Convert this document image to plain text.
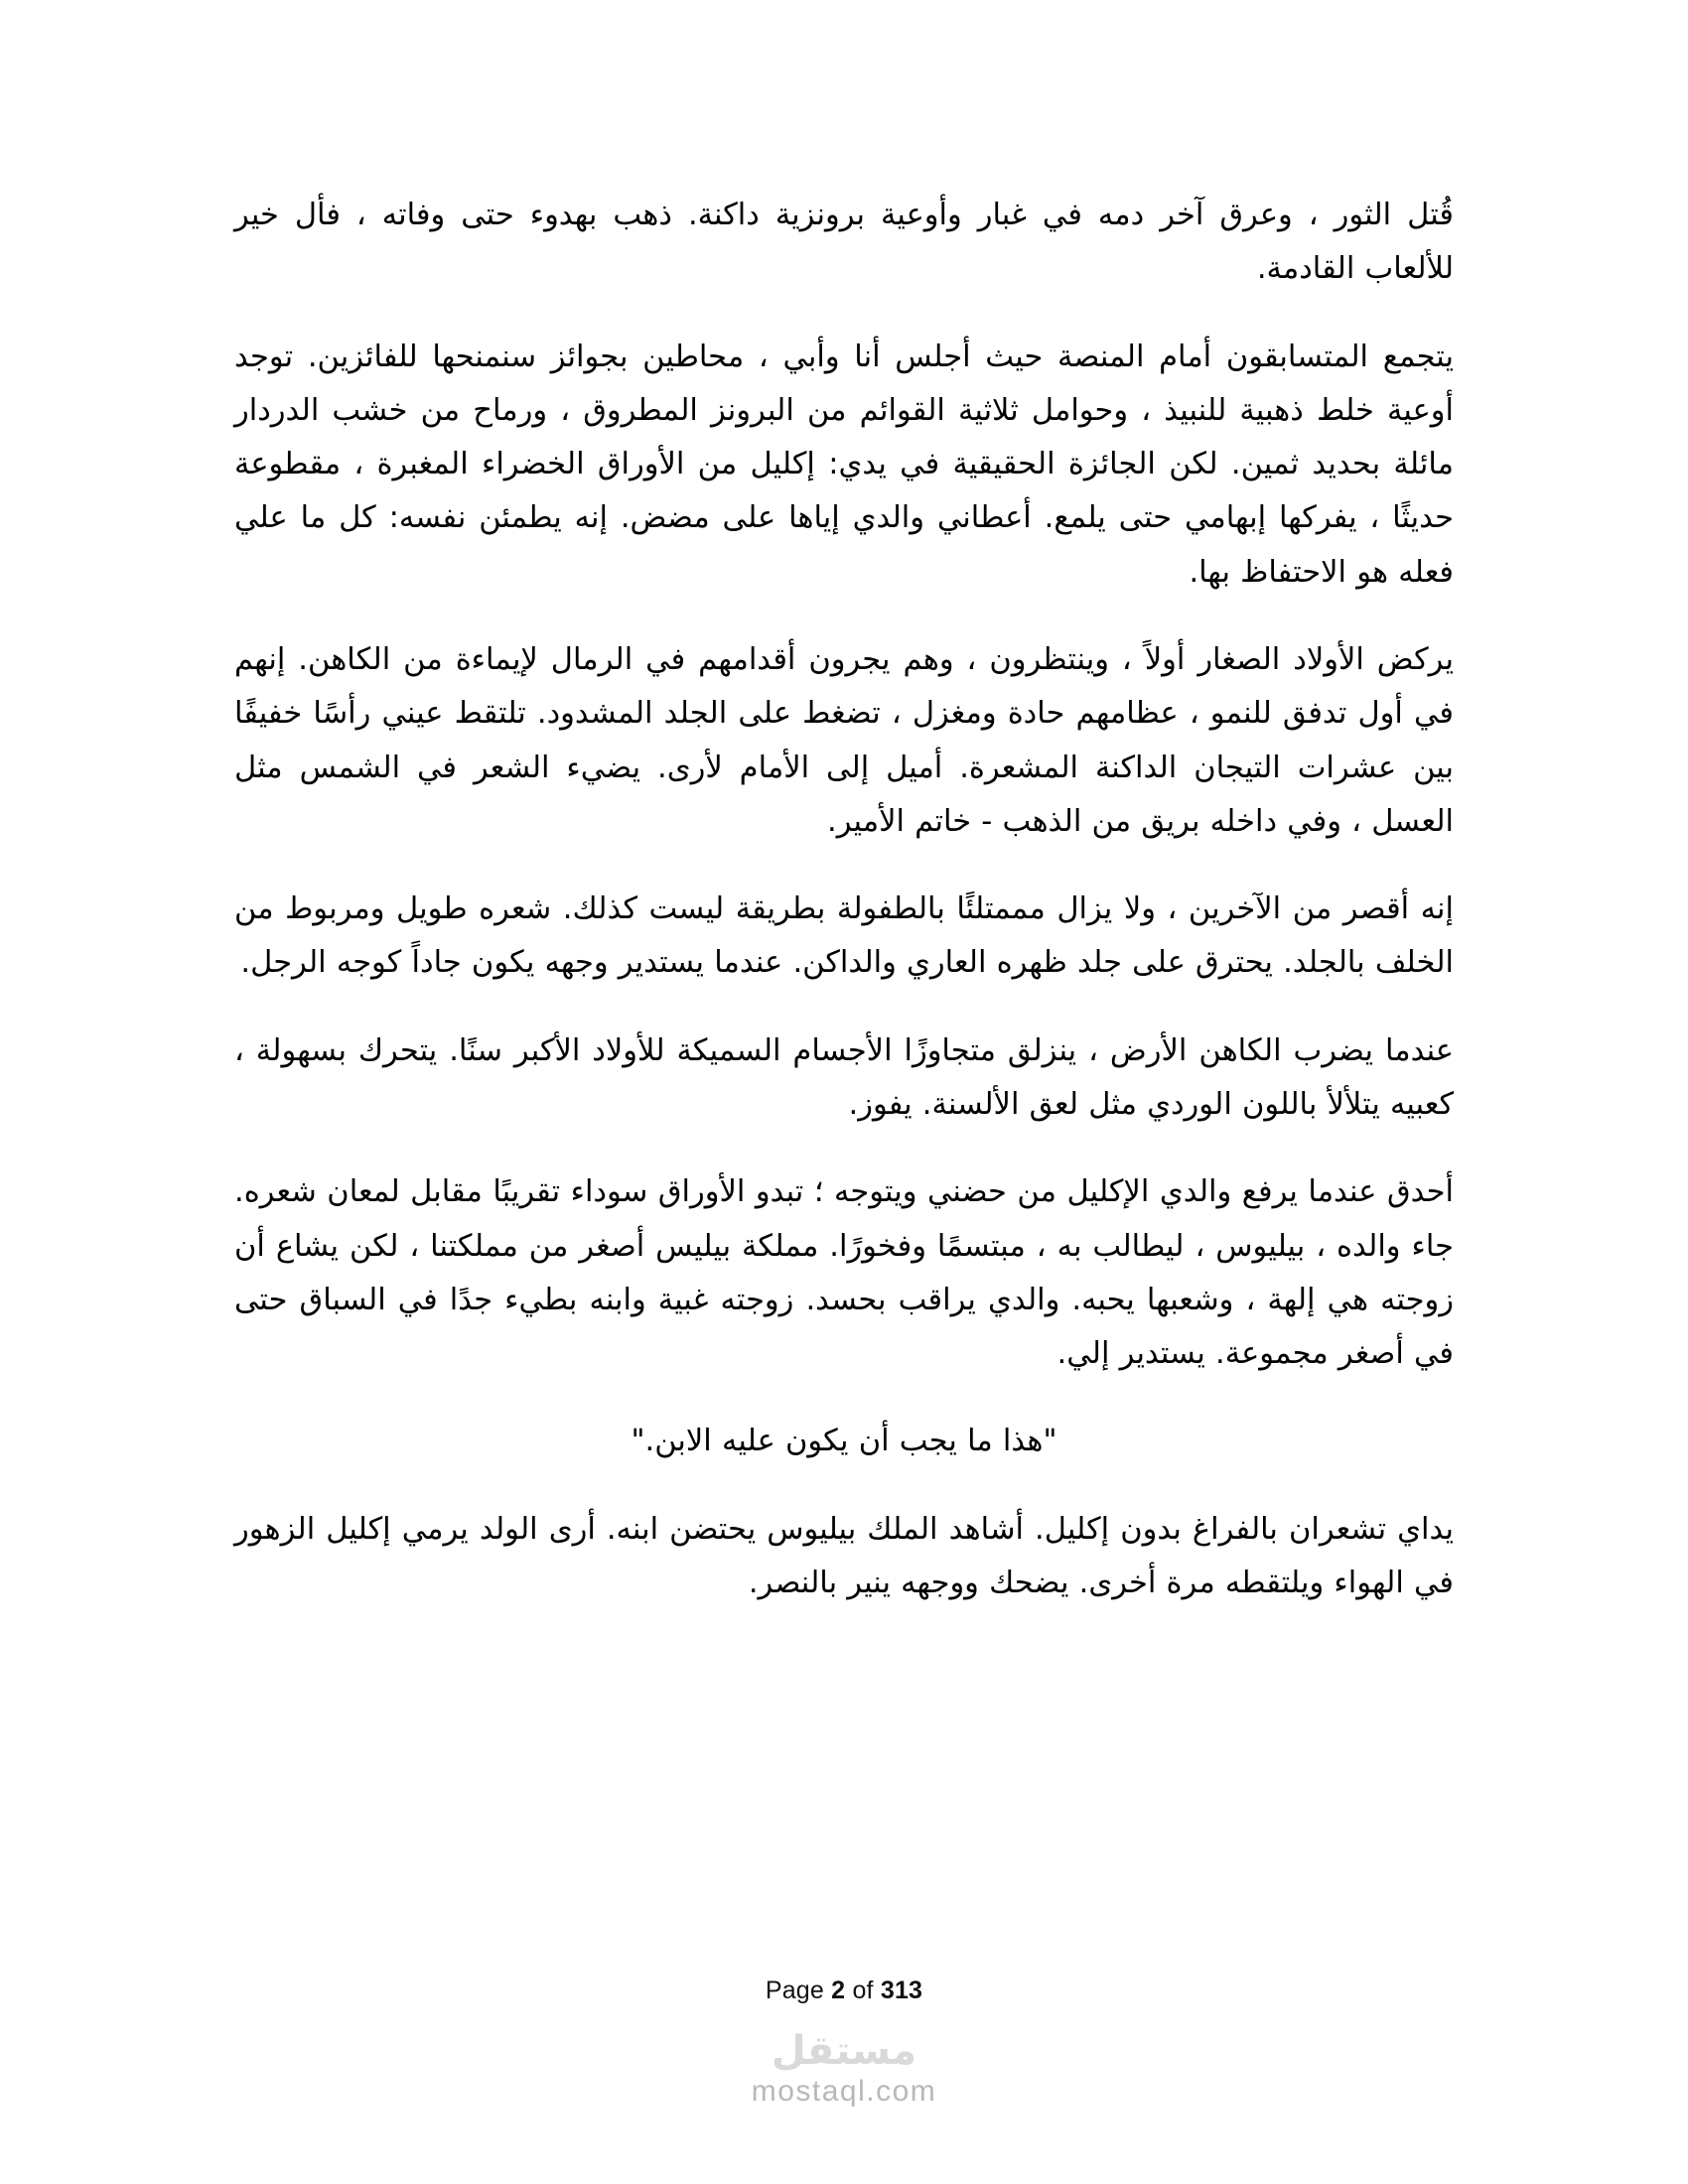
قُتل الثور ، وعرق آخر دمه في غبار وأوعية برونزية داكنة. ذهب بهدوء حتى وفاته ، فأل خير للألعاب القادمة.

يتجمع المتسابقون أمام المنصة حيث أجلس أنا وأبي ، محاطين بجوائز سنمنحها للفائزين. توجد أوعية خلط ذهبية للنبيذ ، وحوامل ثلاثية القوائم من البرونز المطروق ، ورماح من خشب الدردار مائلة بحديد ثمين. لكن الجائزة الحقيقية في يدي: إكليل من الأوراق الخضراء المغبرة ، مقطوعة حديثًا ، يفركها إبهامي حتى يلمع. أعطاني والدي إياها على مضض. إنه يطمئن نفسه: كل ما علي فعله هو الاحتفاظ بها.

يركض الأولاد الصغار أولاً ، وينتظرون ، وهم يجرون أقدامهم في الرمال لإيماءة من الكاهن. إنهم في أول تدفق للنمو ، عظامهم حادة ومغزل ، تضغط على الجلد المشدود. تلتقط عيني رأسًا خفيفًا بين عشرات التيجان الداكنة المشعرة. أميل إلى الأمام لأرى. يضيء الشعر في الشمس مثل العسل ، وفي داخله بريق من الذهب - خاتم الأمير.

إنه أقصر من الآخرين ، ولا يزال مممتلئًا بالطفولة بطريقة ليست كذلك. شعره طويل ومربوط من الخلف بالجلد. يحترق على جلد ظهره العاري والداكن. عندما يستدير وجهه يكون جاداً كوجه الرجل.

عندما يضرب الكاهن الأرض ، ينزلق متجاوزًا الأجسام السميكة للأولاد الأكبر سنًا. يتحرك بسهولة ، كعبيه يتلألأ باللون الوردي مثل لعق الألسنة. يفوز.

أحدق عندما يرفع والدي الإكليل من حضني ويتوجه ؛ تبدو الأوراق سوداء تقريبًا مقابل لمعان شعره. جاء والده ، بيليوس ، ليطالب به ، مبتسمًا وفخورًا. مملكة بيليس أصغر من مملكتنا ، لكن يشاع أن زوجته هي إلهة ، وشعبها يحبه. والدي يراقب بحسد. زوجته غبية وابنه بطيء جدًا في السباق حتى في أصغر مجموعة. يستدير إلي.

"هذا ما يجب أن يكون عليه الابن."

يداي تشعران بالفراغ بدون إكليل. أشاهد الملك بيليوس يحتضن ابنه. أرى الولد يرمي إكليل الزهور في الهواء ويلتقطه مرة أخرى. يضحك ووجهه ينير بالنصر.

Page 2 of 313
مستقل
mostaql.com
